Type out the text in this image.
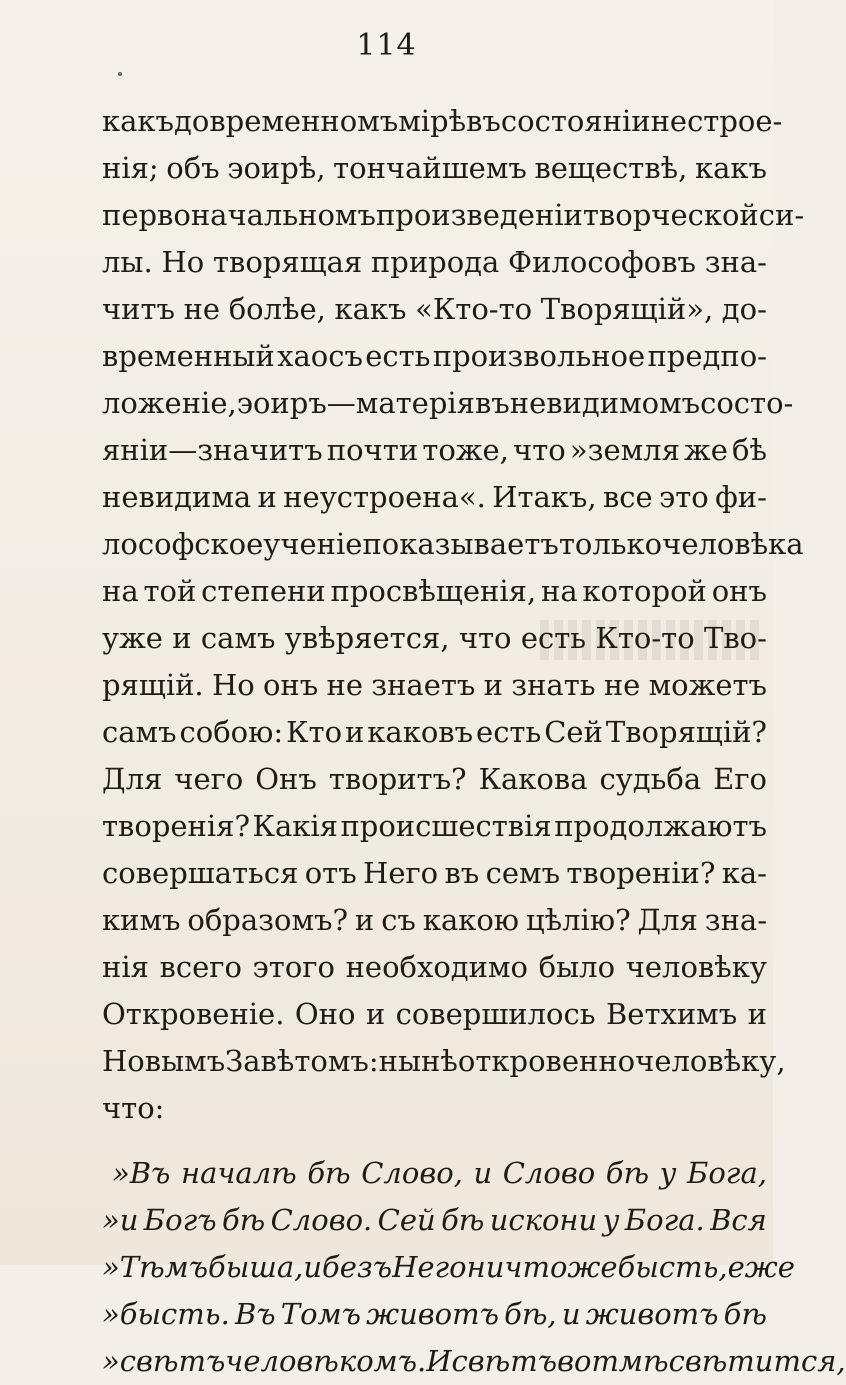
114
какъ довременномъ мірѣ въ состояніи нестрое-
нія; объ эоирѣ, тончайшемъ веществѣ, какъ
первоначальномъ произведеніи творческой си-
лы. Но творящая природа Философовъ зна-
читъ не болѣе, какъ «Кто-то Творящій», до-
временный хаосъ есть произвольное предпо-
ложеніе, эоиръ—матерія въ невидимомъ состо-
яніи—значитъ почти тоже, что »земля же бѣ
невидима и неустроена«. Итакъ, все это фи-
лософское ученіе показываетъ только человѣка
на той степени просвѣщенія, на которой онъ
уже и самъ увѣряется, что есть Кто-то Тво-
рящій. Но онъ не знаетъ и знать не можетъ
самъ собою: Кто и каковъ есть Сей Творящій?
Для чего Онъ творитъ? Какова судьба Его
творенія? Какія происшествія продолжаютъ
совершаться отъ Него въ семъ твореніи? ка-
кимъ образомъ? и съ какою цѣлію? Для зна-
нія всего этого необходимо было человѣку
Откровеніе. Оно и совершилось Ветхимъ и
Новымъ Завѣтомъ: нынѣ откровенно человѣку,
что:
»Въ началѣ бѣ Слово, и Слово бѣ у Бога,
»и Богъ бѣ Слово. Сей бѣ искони у Бога. Вся
»Тѣмъ быша, и безъ Него ничтоже бысть, еже
»бысть. Въ Томъ животъ бѣ, и животъ бѣ
»свѣтъ человѣкомъ. И свѣтъ во тмѣ свѣтится,
